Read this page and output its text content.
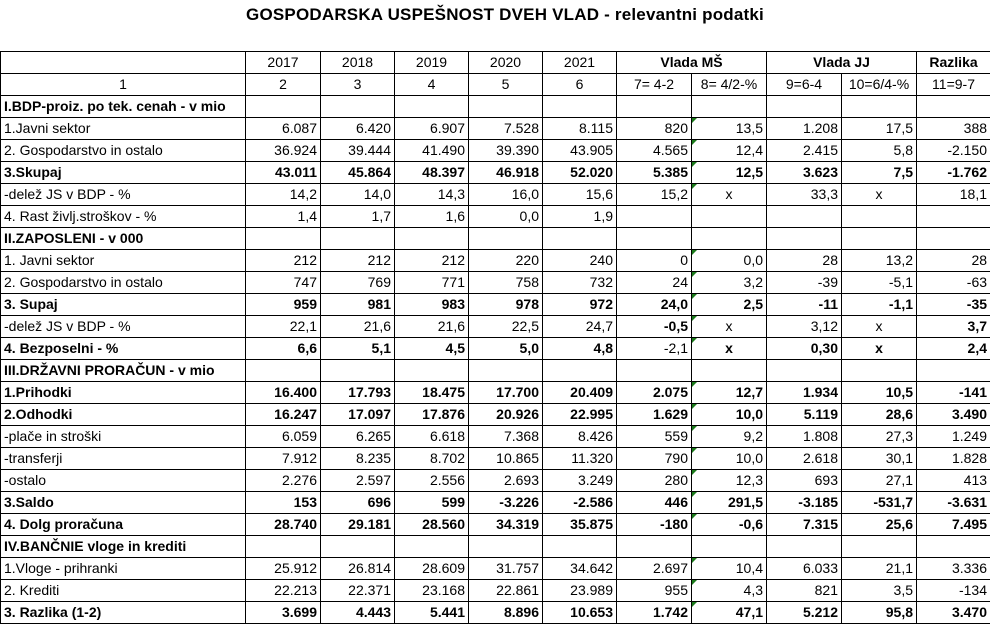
GOSPODARSKA USPEŠNOST DVEH VLAD - relevantni podatki
	2017	2018	2019	2020	2021	Vlada MŠ		Vlada JJ		Razlika
1	2	3	4	5	6	7= 4-2	8= 4/2-%	9=6-4	10=6/4-%	11=9-7
I.BDP-proiz. po tek. cenah - v mio										
1.Javni sektor	6.087	6.420	6.907	7.528	8.115	820	13,5	1.208	17,5	388
2. Gospodarstvo in ostalo	36.924	39.444	41.490	39.390	43.905	4.565	12,4	2.415	5,8	-2.150
3.Skupaj	43.011	45.864	48.397	46.918	52.020	5.385	12,5	3.623	7,5	-1.762
-delež JS v BDP - %	14,2	14,0	14,3	16,0	15,6	15,2	x	33,3	x	18,1
4. Rast življ.stroškov - %	1,4	1,7	1,6	0,0	1,9					
II.ZAPOSLENI - v 000										
1. Javni sektor	212	212	212	220	240	0	0,0	28	13,2	28
2. Gospodarstvo in ostalo	747	769	771	758	732	24	3,2	-39	-5,1	-63
3. Supaj	959	981	983	978	972	24,0	2,5	-11	-1,1	-35
-delež JS v BDP - %	22,1	21,6	21,6	22,5	24,7	-0,5	x	3,12	x	3,7
4. Bezposelni - %	6,6	5,1	4,5	5,0	4,8	-2,1	x	0,30	x	2,4
III.DRŽAVNI PRORAČUN - v mio										
1.Prihodki	16.400	17.793	18.475	17.700	20.409	2.075	12,7	1.934	10,5	-141
2.Odhodki	16.247	17.097	17.876	20.926	22.995	1.629	10,0	5.119	28,6	3.490
-plače in stroški	6.059	6.265	6.618	7.368	8.426	559	9,2	1.808	27,3	1.249
-transferji	7.912	8.235	8.702	10.865	11.320	790	10,0	2.618	30,1	1.828
-ostalo	2.276	2.597	2.556	2.693	3.249	280	12,3	693	27,1	413
3.Saldo	153	696	599	-3.226	-2.586	446	291,5	-3.185	-531,7	-3.631
4. Dolg proračuna	28.740	29.181	28.560	34.319	35.875	-180	-0,6	7.315	25,6	7.495
IV.BANČNIE vloge in krediti										
1.Vloge - prihranki	25.912	26.814	28.609	31.757	34.642	2.697	10,4	6.033	21,1	3.336
2. Krediti	22.213	22.371	23.168	22.861	23.989	955	4,3	821	3,5	-134
3. Razlika (1-2)	3.699	4.443	5.441	8.896	10.653	1.742	47,1	5.212	95,8	3.470
